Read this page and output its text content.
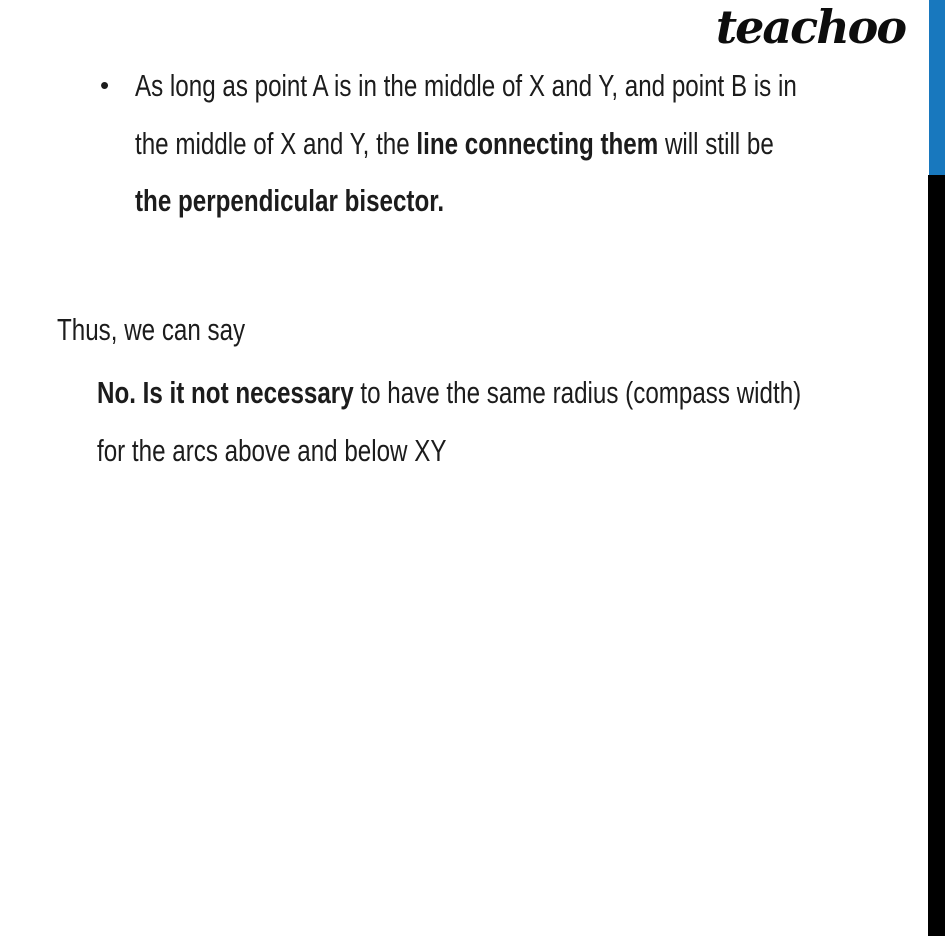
teachoo
• As long as point A is in the middle of X and Y, and point B is in
the middle of X and Y, the line connecting them will still be
the perpendicular bisector.
Thus, we can say
No. Is it not necessary to have the same radius (compass width)
for the arcs above and below XY
